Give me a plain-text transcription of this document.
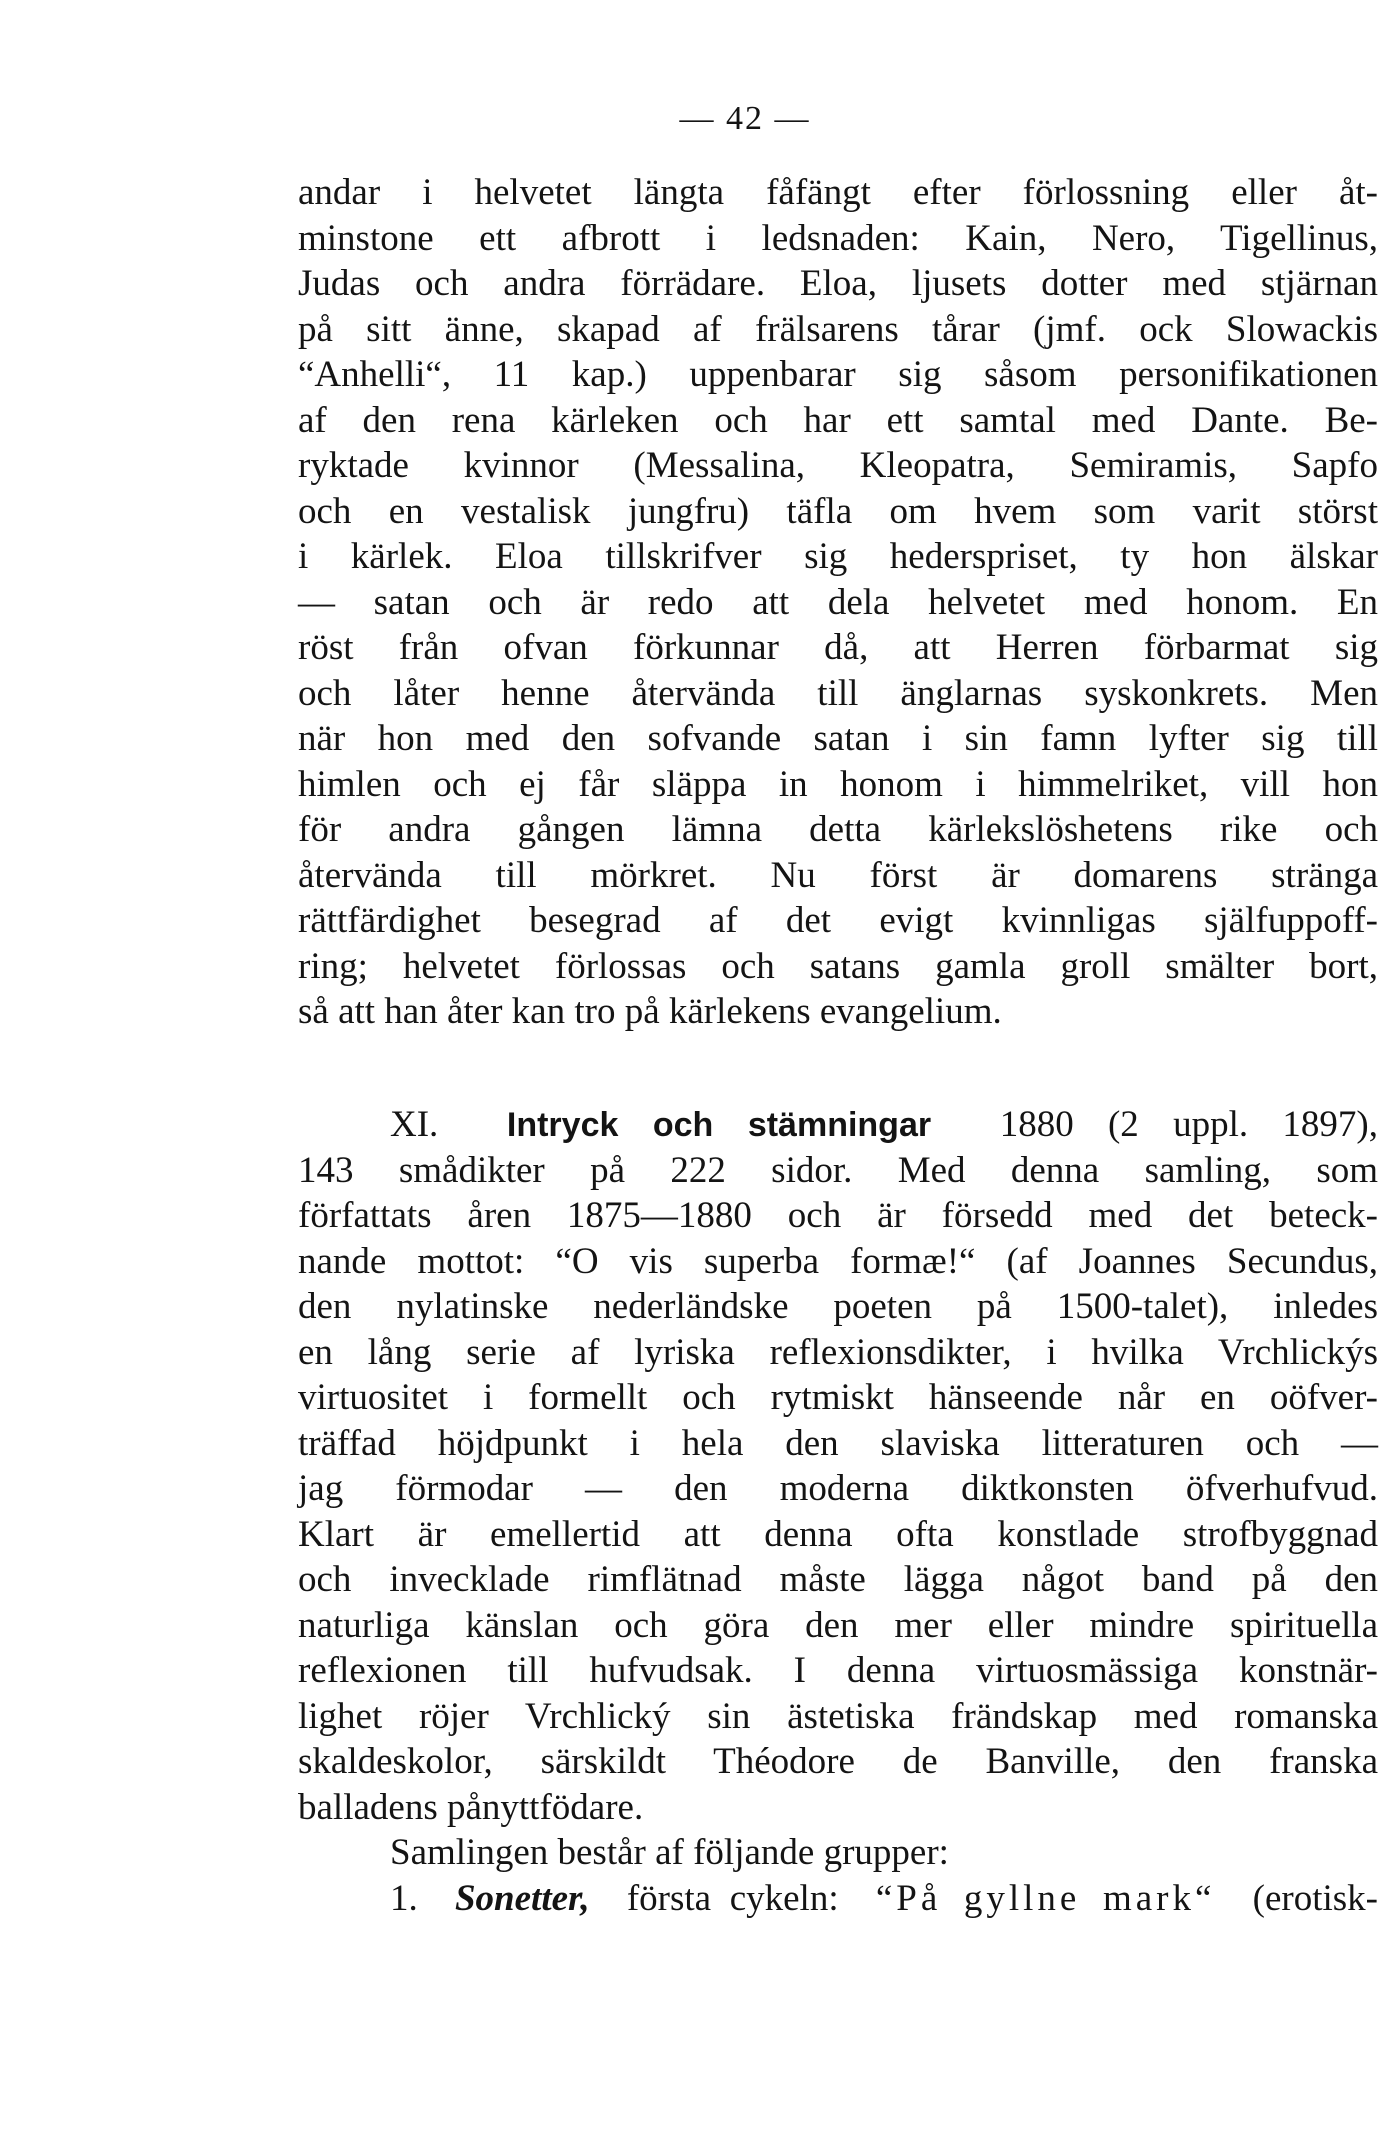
— 42 —
andar i helvetet längta fåfängt efter förlossning eller åt-
minstone ett afbrott i ledsnaden: Kain, Nero, Tigellinus,
Judas och andra förrädare. Eloa, ljusets dotter med stjärnan
på sitt änne, skapad af frälsarens tårar (jmf. ock Slowackis
“Anhelli“, 11 kap.) uppenbarar sig såsom personifikationen
af den rena kärleken och har ett samtal med Dante. Be-
ryktade kvinnor (Messalina, Kleopatra, Semiramis, Sapfo
och en vestalisk jungfru) täfla om hvem som varit störst
i kärlek. Eloa tillskrifver sig hederspriset, ty hon älskar
— satan och är redo att dela helvetet med honom. En
röst från ofvan förkunnar då, att Herren förbarmat sig
och låter henne återvända till änglarnas syskonkrets. Men
när hon med den sofvande satan i sin famn lyfter sig till
himlen och ej får släppa in honom i himmelriket, vill hon
för andra gången lämna detta kärlekslöshetens rike och
återvända till mörkret. Nu först är domarens stränga
rättfärdighet besegrad af det evigt kvinnligas själfuppoff-
ring; helvetet förlossas och satans gamla groll smälter bort,
så att han åter kan tro på kärlekens evangelium.
XI. Intryck och stämningar 1880 (2 uppl. 1897),
143 smådikter på 222 sidor. Med denna samling, som
författats åren 1875—1880 och är försedd med det beteck-
nande mottot: “O vis superba formæ!“ (af Joannes Secundus,
den nylatinske nederländske poeten på 1500-talet), inledes
en lång serie af lyriska reflexionsdikter, i hvilka Vrchlickýs
virtuositet i formellt och rytmiskt hänseende når en oöfver-
träffad höjdpunkt i hela den slaviska litteraturen och —
jag förmodar — den moderna diktkonsten öfverhufvud.
Klart är emellertid att denna ofta konstlade strofbyggnad
och invecklade rimflätnad måste lägga något band på den
naturliga känslan och göra den mer eller mindre spirituella
reflexionen till hufvudsak. I denna virtuosmässiga konstnär-
lighet röjer Vrchlický sin ästetiska frändskap med romanska
skaldeskolor, särskildt Théodore de Banville, den franska
balladens pånyttfödare.
Samlingen består af följande grupper:
1. Sonetter, första cykeln: “På gyllne mark“ (erotisk-
